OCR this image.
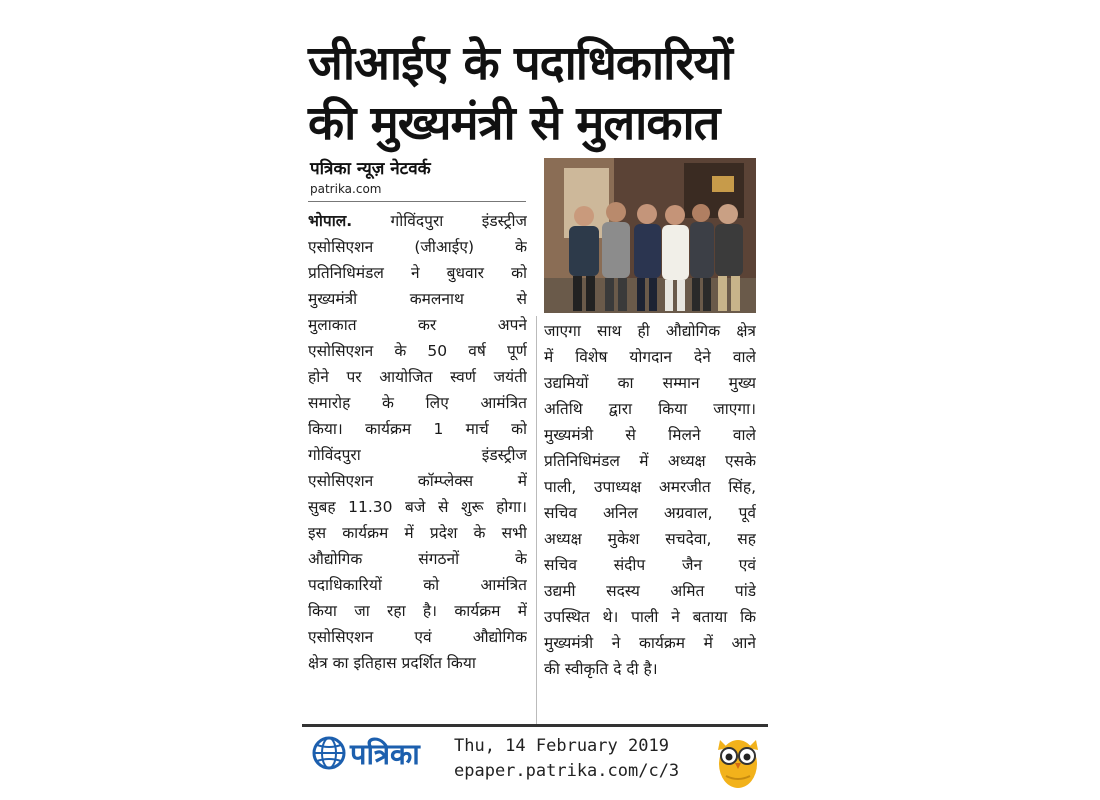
जीआईए के पदाधिकारियों
की मुख्यमंत्री से मुलाकात
पत्रिका न्यूज़ नेटवर्क
patrika.com
भोपाल. गोविंदपुरा इंडस्ट्रीज
एसोसिएशन (जीआईए) के
प्रतिनिधिमंडल ने बुधवार को
मुख्यमंत्री कमलनाथ से
मुलाकात कर अपने
एसोसिएशन के 50 वर्ष पूर्ण
होने पर आयोजित स्वर्ण जयंती
समारोह के लिए आमंत्रित
किया। कार्यक्रम 1 मार्च को
गोविंदपुरा इंडस्ट्रीज
एसोसिएशन कॉम्प्लेक्स में
सुबह 11.30 बजे से शुरू होगा।
इस कार्यक्रम में प्रदेश के सभी
औद्योगिक संगठनों के
पदाधिकारियों को आमंत्रित
किया जा रहा है। कार्यक्रम में
एसोसिएशन एवं औद्योगिक
क्षेत्र का इतिहास प्रदर्शित किया
जाएगा साथ ही औद्योगिक क्षेत्र
में विशेष योगदान देने वाले
उद्यमियों का सम्मान मुख्य
अतिथि द्वारा किया जाएगा।
मुख्यमंत्री से मिलने वाले
प्रतिनिधिमंडल में अध्यक्ष एसके
पाली, उपाध्यक्ष अमरजीत सिंह,
सचिव अनिल अग्रवाल, पूर्व
अध्यक्ष मुकेश सचदेवा, सह
सचिव संदीप जैन एवं
उद्यमी सदस्य अमित पांडे
उपस्थित थे। पाली ने बताया कि
मुख्यमंत्री ने कार्यक्रम में आने
की स्वीकृति दे दी है।
पत्रिका Thu, 14 February 2019
epaper.patrika.com/c/3
